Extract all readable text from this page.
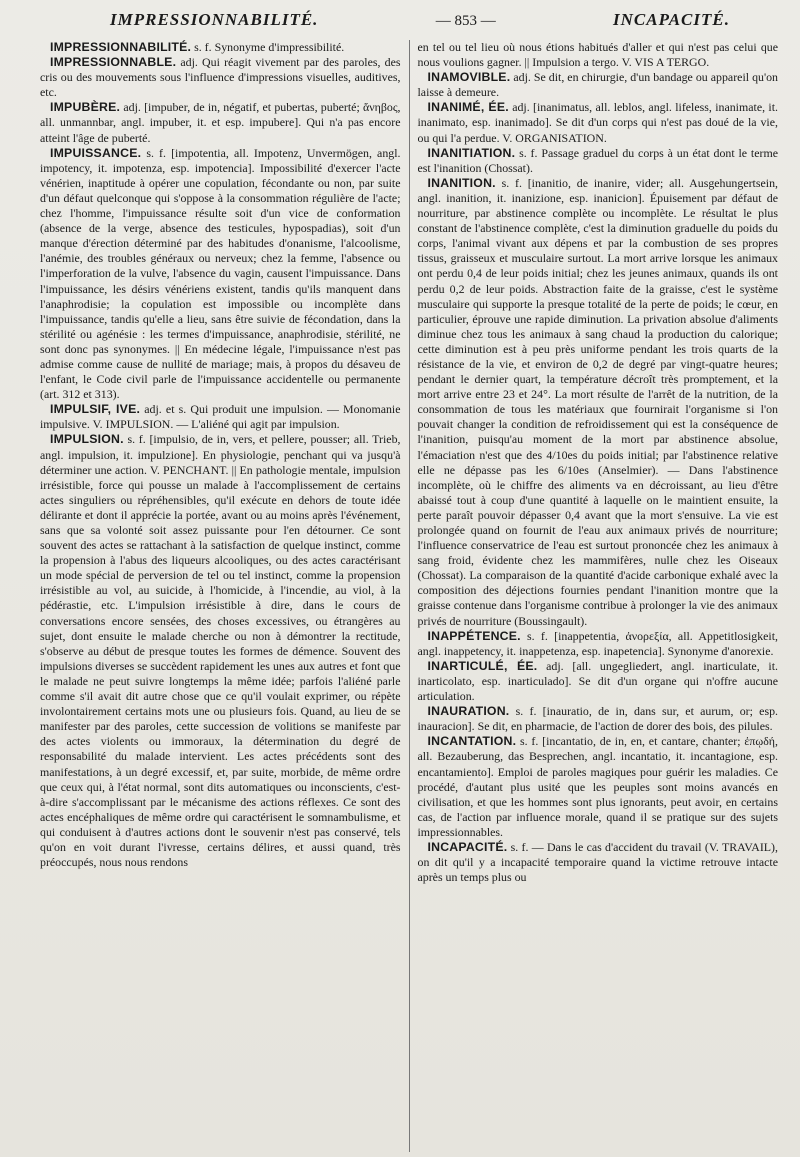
IMPRESSIONNABILITÉ.	— 853 —	INCAPACITÉ.

IMPRESSIONNABILITÉ. s. f. Synonyme d'impressibilité.

IMPRESSIONNABLE. adj. Qui réagit vivement par des paroles, des cris ou des mouvements sous l'influence d'impressions visuelles, auditives, etc.

IMPUBÈRE. adj. [impuber, de in, négatif, et pubertas, puberté; ἄνηβος, all. unmannbar, angl. impuber, it. et esp. impubere]. Qui n'a pas encore atteint l'âge de puberté.

IMPUISSANCE. s. f. [impotentia, all. Impotenz, Unvermögen, angl. impotency, it. impotenza, esp. impotencia]. Impossibilité d'exercer l'acte vénérien, inaptitude à opérer une copulation, fécondante ou non, par suite d'un défaut quelconque qui s'oppose à la consommation régulière de l'acte; chez l'homme, l'impuissance résulte soit d'un vice de conformation (absence de la verge, absence des testicules, hypospadias), soit d'un manque d'érection déterminé par des habitudes d'onanisme, l'alcoolisme, l'anémie, des troubles généraux ou nerveux; chez la femme, l'absence ou l'imperforation de la vulve, l'absence du vagin, causent l'impuissance. Dans l'impuissance, les désirs vénériens existent, tandis qu'ils manquent dans l'anaphrodisie; la copulation est impossible ou incomplète dans l'impuissance, tandis qu'elle a lieu, sans être suivie de fécondation, dans la stérilité ou agénésie : les termes d'impuissance, anaphrodisie, stérilité, ne sont donc pas synonymes. || En médecine légale, l'impuissance n'est pas admise comme cause de nullité de mariage; mais, à propos du désaveu de l'enfant, le Code civil parle de l'impuissance accidentelle ou permanente (art. 312 et 313).

IMPULSIF, IVE. adj. et s. Qui produit une impulsion. — Monomanie impulsive. V. IMPULSION. — L'aliéné qui agit par impulsion.

IMPULSION. s. f. [impulsio, de in, vers, et pellere, pousser; all. Trieb, angl. impulsion, it. impulzione]. En physiologie, penchant qui va jusqu'à déterminer une action. V. PENCHANT. || En pathologie mentale, impulsion irrésistible, force qui pousse un malade à l'accomplissement de certains actes singuliers ou répréhensibles, qu'il exécute en dehors de toute idée délirante et dont il apprécie la portée, avant ou au moins après l'événement, sans que sa volonté soit assez puissante pour l'en détourner. Ce sont souvent des actes se rattachant à la satisfaction de quelque instinct, comme la propension à l'abus des liqueurs alcooliques, ou des actes caractérisant un mode spécial de perversion de tel ou tel instinct, comme la propension irrésistible au vol, au suicide, à l'homicide, à l'incendie, au viol, à la pédérastie, etc. L'impulsion irrésistible à dire, dans le cours de conversations encore sensées, des choses excessives, ou étrangères au sujet, dont ensuite le malade cherche ou non à démontrer la rectitude, s'observe au début de presque toutes les formes de démence. Souvent des impulsions diverses se succèdent rapidement les unes aux autres et font que le malade ne peut suivre longtemps la même idée; parfois l'aliéné parle comme s'il avait dit autre chose que ce qu'il voulait exprimer, ou répète involontairement certains mots une ou plusieurs fois. Quand, au lieu de se manifester par des paroles, cette succession de volitions se manifeste par des actes violents ou immoraux, la détermination du degré de responsabilité du malade intervient. Les actes précédents sont des manifestations, à un degré excessif, et, par suite, morbide, de même ordre que ceux qui, à l'état normal, sont dits automatiques ou inconscients, c'est-à-dire s'accomplissant par le mécanisme des actions réflexes. Ce sont des actes encéphaliques de même ordre qui caractérisent le somnambulisme, et qui conduisent à d'autres actions dont le souvenir n'est pas conservé, tels qu'on en voit durant l'ivresse, certains délires, et aussi quand, très préoccupés, nous nous rendons

en tel ou tel lieu où nous étions habitués d'aller et qui n'est pas celui que nous voulions gagner. || Impulsion a tergo. V. VIS A TERGO.

INAMOVIBLE. adj. Se dit, en chirurgie, d'un bandage ou appareil qu'on laisse à demeure.

INANIMÉ, ÉE. adj. [inanimatus, all. leblos, angl. lifeless, inanimate, it. inanimato, esp. inanimado]. Se dit d'un corps qui n'est pas doué de la vie, ou qui l'a perdue. V. ORGANISATION.

INANITIATION. s. f. Passage graduel du corps à un état dont le terme est l'inanition (Chossat).

INANITION. s. f. [inanitio, de inanire, vider; all. Ausgehungertsein, angl. inanition, it. inanizione, esp. inanicion]. Épuisement par défaut de nourriture, par abstinence complète ou incomplète. Le résultat le plus constant de l'abstinence complète, c'est la diminution graduelle du poids du corps, l'animal vivant aux dépens et par la combustion de ses propres tissus, graisseux et musculaire surtout. La mort arrive lorsque les animaux ont perdu 0,4 de leur poids initial; chez les jeunes animaux, quands ils ont perdu 0,2 de leur poids. Abstraction faite de la graisse, c'est le système musculaire qui supporte la presque totalité de la perte de poids; le cœur, en particulier, éprouve une rapide diminution. La privation absolue d'aliments diminue chez tous les animaux à sang chaud la production du calorique; cette diminution est à peu près uniforme pendant les trois quarts de la résistance de la vie, et environ de 0,2 de degré par vingt-quatre heures; pendant le dernier quart, la température décroît très promptement, et la mort arrive entre 23 et 24°. La mort résulte de l'arrêt de la nutrition, de la consommation de tous les matériaux que fournirait l'organisme si l'on pouvait changer la condition de refroidissement qui est la conséquence de l'inanition, puisqu'au moment de la mort par abstinence absolue, l'émaciation n'est que des 4/10es du poids initial; par l'abstinence relative elle ne dépasse pas les 6/10es (Anselmier). — Dans l'abstinence incomplète, où le chiffre des aliments va en décroissant, au lieu d'être abaissé tout à coup d'une quantité à laquelle on le maintient ensuite, la perte paraît pouvoir dépasser 0,4 avant que la mort s'ensuive. La vie est prolongée quand on fournit de l'eau aux animaux privés de nourriture; l'influence conservatrice de l'eau est surtout prononcée chez les animaux à sang froid, évidente chez les mammifères, nulle chez les Oiseaux (Chossat). La comparaison de la quantité d'acide carbonique exhalé avec la composition des déjections fournies pendant l'inanition montre que la graisse contenue dans l'organisme contribue à prolonger la vie des animaux privés de nourriture (Boussingault).

INAPPÉTENCE. s. f. [inappetentia, ἀνορεξία, all. Appetitlosigkeit, angl. inappetency, it. inappetenza, esp. inapetencia]. Synonyme d'anorexie.

INARTICULÉ, ÉE. adj. [all. ungegliedert, angl. inarticulate, it. inarticolato, esp. inarticulado]. Se dit d'un organe qui n'offre aucune articulation.

INAURATION. s. f. [inauratio, de in, dans sur, et aurum, or; esp. inauracion]. Se dit, en pharmacie, de l'action de dorer des bois, des pilules.

INCANTATION. s. f. [incantatio, de in, en, et cantare, chanter; ἐπῳδή, all. Bezauberung, das Besprechen, angl. incantatio, it. incantagione, esp. encantamiento]. Emploi de paroles magiques pour guérir les maladies. Ce procédé, d'autant plus usité que les peuples sont moins avancés en civilisation, et que les hommes sont plus ignorants, peut avoir, en certains cas, de l'action par influence morale, quand il se pratique sur des sujets impressionnables.

INCAPACITÉ. s. f. — Dans le cas d'accident du travail (V. TRAVAIL), on dit qu'il y a incapacité temporaire quand la victime retrouve intacte après un temps plus ou
